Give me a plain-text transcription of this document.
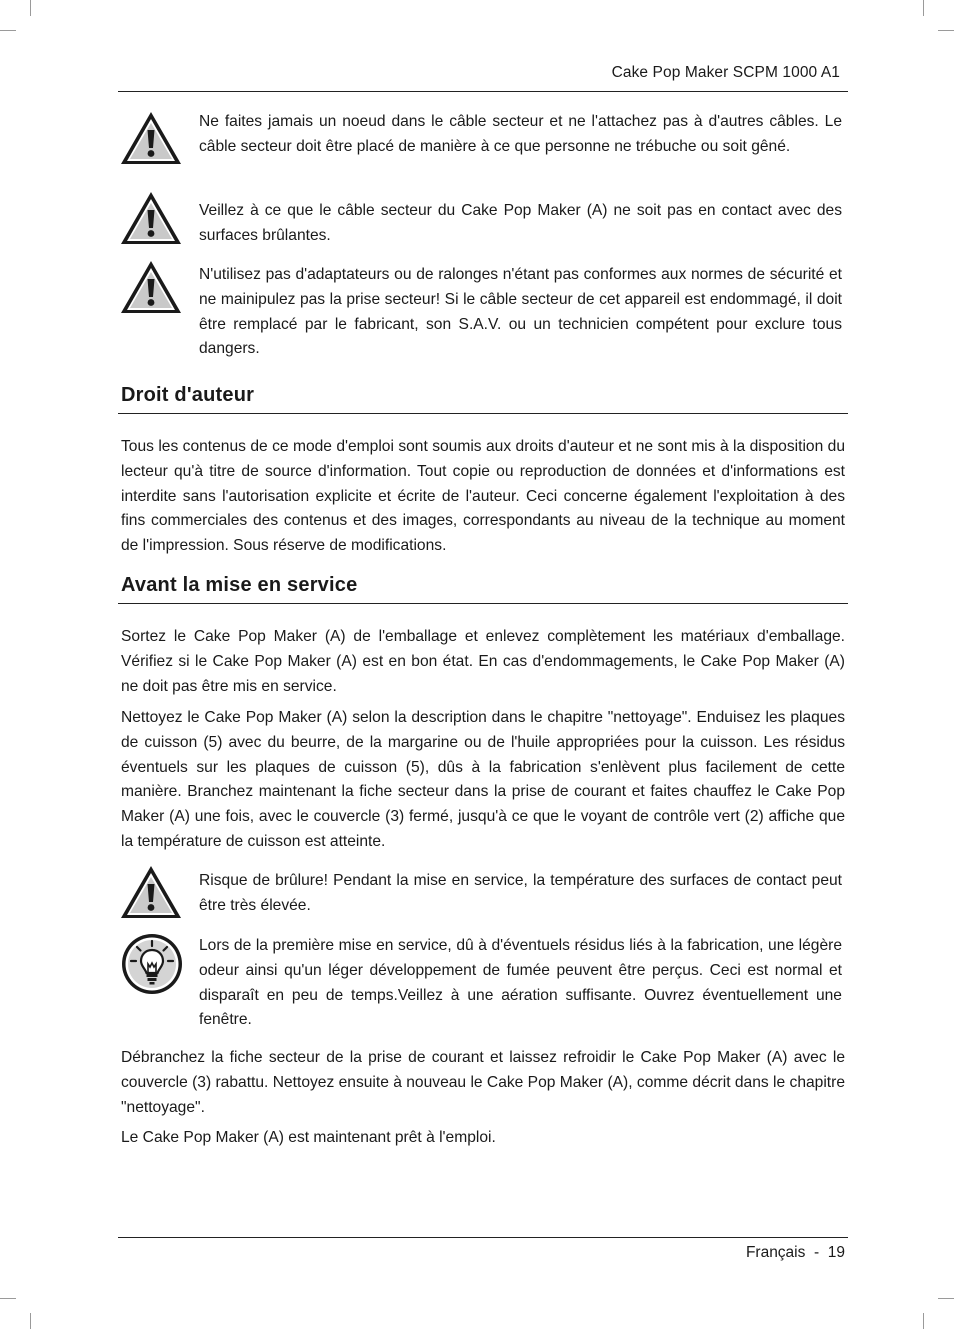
Cake Pop Maker SCPM 1000 A1

Ne faites jamais un noeud dans le câble secteur et ne l'attachez pas à d'autres câbles. Le câble secteur doit être placé de manière à ce que personne ne trébuche ou soit gêné.

Veillez à ce que le câble secteur du Cake Pop Maker (A) ne soit pas en contact avec des surfaces brûlantes.

N'utilisez pas d'adaptateurs ou de ralonges n'étant pas conformes aux normes de sécurité et ne mainipulez pas la prise secteur! Si le câble secteur de cet appareil est endommagé, il doit être remplacé par le fabricant, son S.A.V. ou un technicien compétent pour exclure tous dangers.

Droit d'auteur

Tous les contenus de ce mode d'emploi sont soumis aux droits d'auteur et ne sont mis à la disposition du lecteur qu'à titre de source d'information. Tout copie ou reproduction de données et d'informations est interdite sans l'autorisation explicite et écrite de l'auteur. Ceci concerne également l'exploitation à des fins commerciales des contenus et des images, correspondants au niveau de la technique au moment de l'impression. Sous réserve de modifications.

Avant la mise en service

Sortez le Cake Pop Maker (A) de l'emballage et enlevez complètement les matériaux d'emballage. Vérifiez si le Cake Pop Maker (A) est en bon état. En cas d'endommagements, le Cake Pop Maker (A) ne doit pas être mis en service.

Nettoyez le Cake Pop Maker (A) selon la description dans le chapitre "nettoyage". Enduisez les plaques de cuisson (5) avec du beurre, de la margarine ou de l'huile appropriées pour la cuisson. Les résidus éventuels sur les plaques de cuisson (5), dûs à la fabrication s'enlèvent plus facilement de cette manière. Branchez maintenant la fiche secteur dans la prise de courant et faites chauffez le Cake Pop Maker (A) une fois, avec le couvercle (3) fermé, jusqu'à ce que le voyant de contrôle vert (2) affiche que la température de cuisson est atteinte.

Risque de brûlure! Pendant la mise en service, la température des surfaces de contact peut être très élevée.

Lors de la première mise en service, dû à d'éventuels résidus liés à la fabrication, une légère odeur ainsi qu'un léger développement de fumée peuvent être perçus. Ceci est normal et disparaît en peu de temps.Veillez à une aération suffisante. Ouvrez éventuellement une fenêtre.

Débranchez la fiche secteur de la prise de courant et laissez refroidir le Cake Pop Maker (A) avec le couvercle (3) rabattu. Nettoyez ensuite à nouveau le Cake Pop Maker (A), comme décrit dans le chapitre "nettoyage".

Le Cake Pop Maker (A) est maintenant prêt à l'emploi.

Français  -  19
